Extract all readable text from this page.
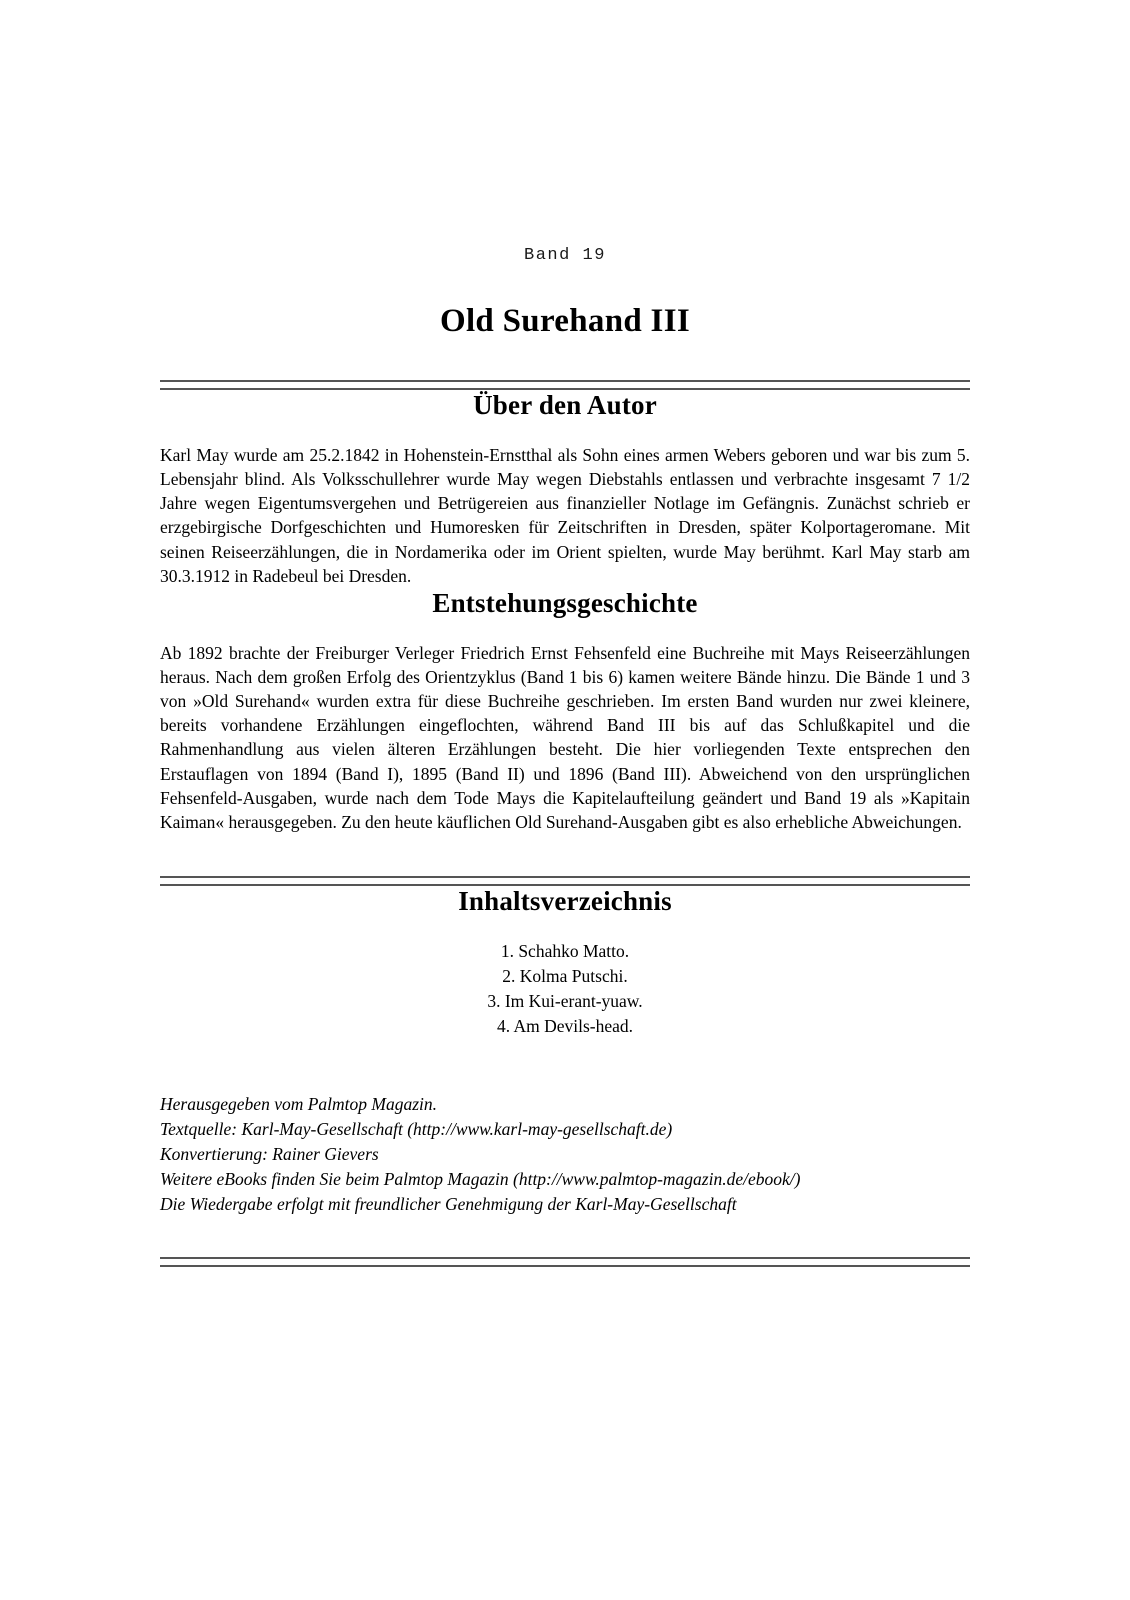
Band 19
Old Surehand III
Über den Autor

Karl May wurde am 25.2.1842 in Hohenstein-Ernstthal als Sohn eines armen Webers geboren und war bis zum 5. Lebensjahr blind. Als Volksschullehrer wurde May wegen Diebstahls entlassen und verbrachte insgesamt 7 1/2 Jahre wegen Eigentumsvergehen und Betrügereien aus finanzieller Notlage im Gefängnis. Zunächst schrieb er erzgebirgische Dorfgeschichten und Humoresken für Zeitschriften in Dresden, später Kolportageromane. Mit seinen Reiseerzählungen, die in Nordamerika oder im Orient spielten, wurde May berühmt. Karl May starb am 30.3.1912 in Radebeul bei Dresden.

Entstehungsgeschichte

Ab 1892 brachte der Freiburger Verleger Friedrich Ernst Fehsenfeld eine Buchreihe mit Mays Reiseerzählungen heraus. Nach dem großen Erfolg des Orientzyklus (Band 1 bis 6) kamen weitere Bände hinzu. Die Bände 1 und 3 von »Old Surehand« wurden extra für diese Buchreihe geschrieben. Im ersten Band wurden nur zwei kleinere, bereits vorhandene Erzählungen eingeflochten, während Band III bis auf das Schlußkapitel und die Rahmenhandlung aus vielen älteren Erzählungen besteht. Die hier vorliegenden Texte entsprechen den Erstauflagen von 1894 (Band I), 1895 (Band II) und 1896 (Band III). Abweichend von den ursprünglichen Fehsenfeld-Ausgaben, wurde nach dem Tode Mays die Kapitelaufteilung geändert und Band 19 als »Kapitain Kaiman« herausgegeben. Zu den heute käuflichen Old Surehand-Ausgaben gibt es also erhebliche Abweichungen.

Inhaltsverzeichnis
1. Schahko Matto.
2. Kolma Putschi.
3. Im Kui-erant-yuaw.
4. Am Devils-head.
Herausgegeben vom Palmtop Magazin.
Textquelle: Karl-May-Gesellschaft (http://www.karl-may-gesellschaft.de)
Konvertierung: Rainer Gievers
Weitere eBooks finden Sie beim Palmtop Magazin (http://www.palmtop-magazin.de/ebook/)
Die Wiedergabe erfolgt mit freundlicher Genehmigung der Karl-May-Gesellschaft
